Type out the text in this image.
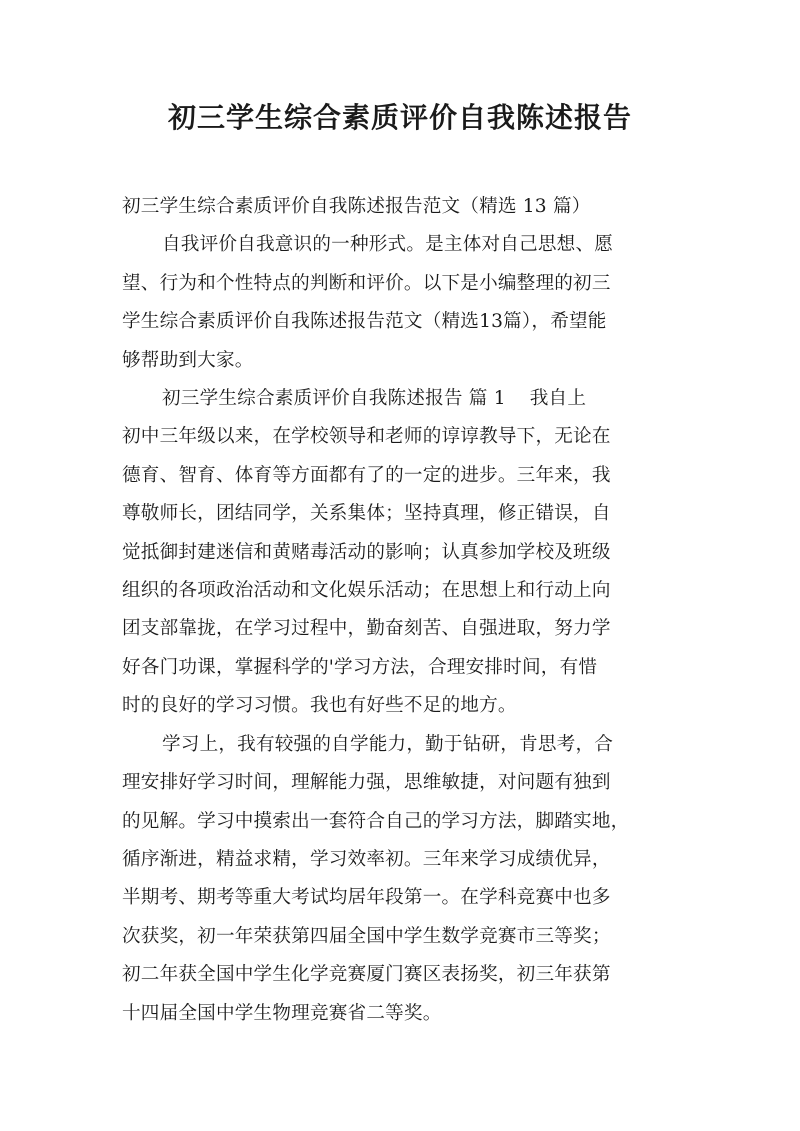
初三学生综合素质评价自我陈述报告
初三学生综合素质评价自我陈述报告范文（精选 13 篇）
自我评价自我意识的一种形式。是主体对自己思想、愿
望、行为和个性特点的判断和评价。以下是小编整理的初三
学生综合素质评价自我陈述报告范文（精选13篇），希望能
够帮助到大家。
初三学生综合素质评价自我陈述报告 篇 1 我自上
初中三年级以来，在学校领导和老师的谆谆教导下，无论在
德育、智育、体育等方面都有了的一定的进步。三年来，我
尊敬师长，团结同学，关系集体；坚持真理，修正错误，自
觉抵御封建迷信和黄赌毒活动的影响；认真参加学校及班级
组织的各项政治活动和文化娱乐活动；在思想上和行动上向
团支部靠拢，在学习过程中，勤奋刻苦、自强进取，努力学
好各门功课，掌握科学的'学习方法，合理安排时间，有惜
时的良好的学习习惯。我也有好些不足的地方。
学习上，我有较强的自学能力，勤于钻研，肯思考，合
理安排好学习时间，理解能力强，思维敏捷，对问题有独到
的见解。学习中摸索出一套符合自己的学习方法，脚踏实地，
循序渐进，精益求精，学习效率初。三年来学习成绩优异，
半期考、期考等重大考试均居年段第一。在学科竞赛中也多
次获奖，初一年荣获第四届全国中学生数学竞赛市三等奖；
初二年获全国中学生化学竞赛厦门赛区表扬奖，初三年获第
十四届全国中学生物理竞赛省二等奖。
